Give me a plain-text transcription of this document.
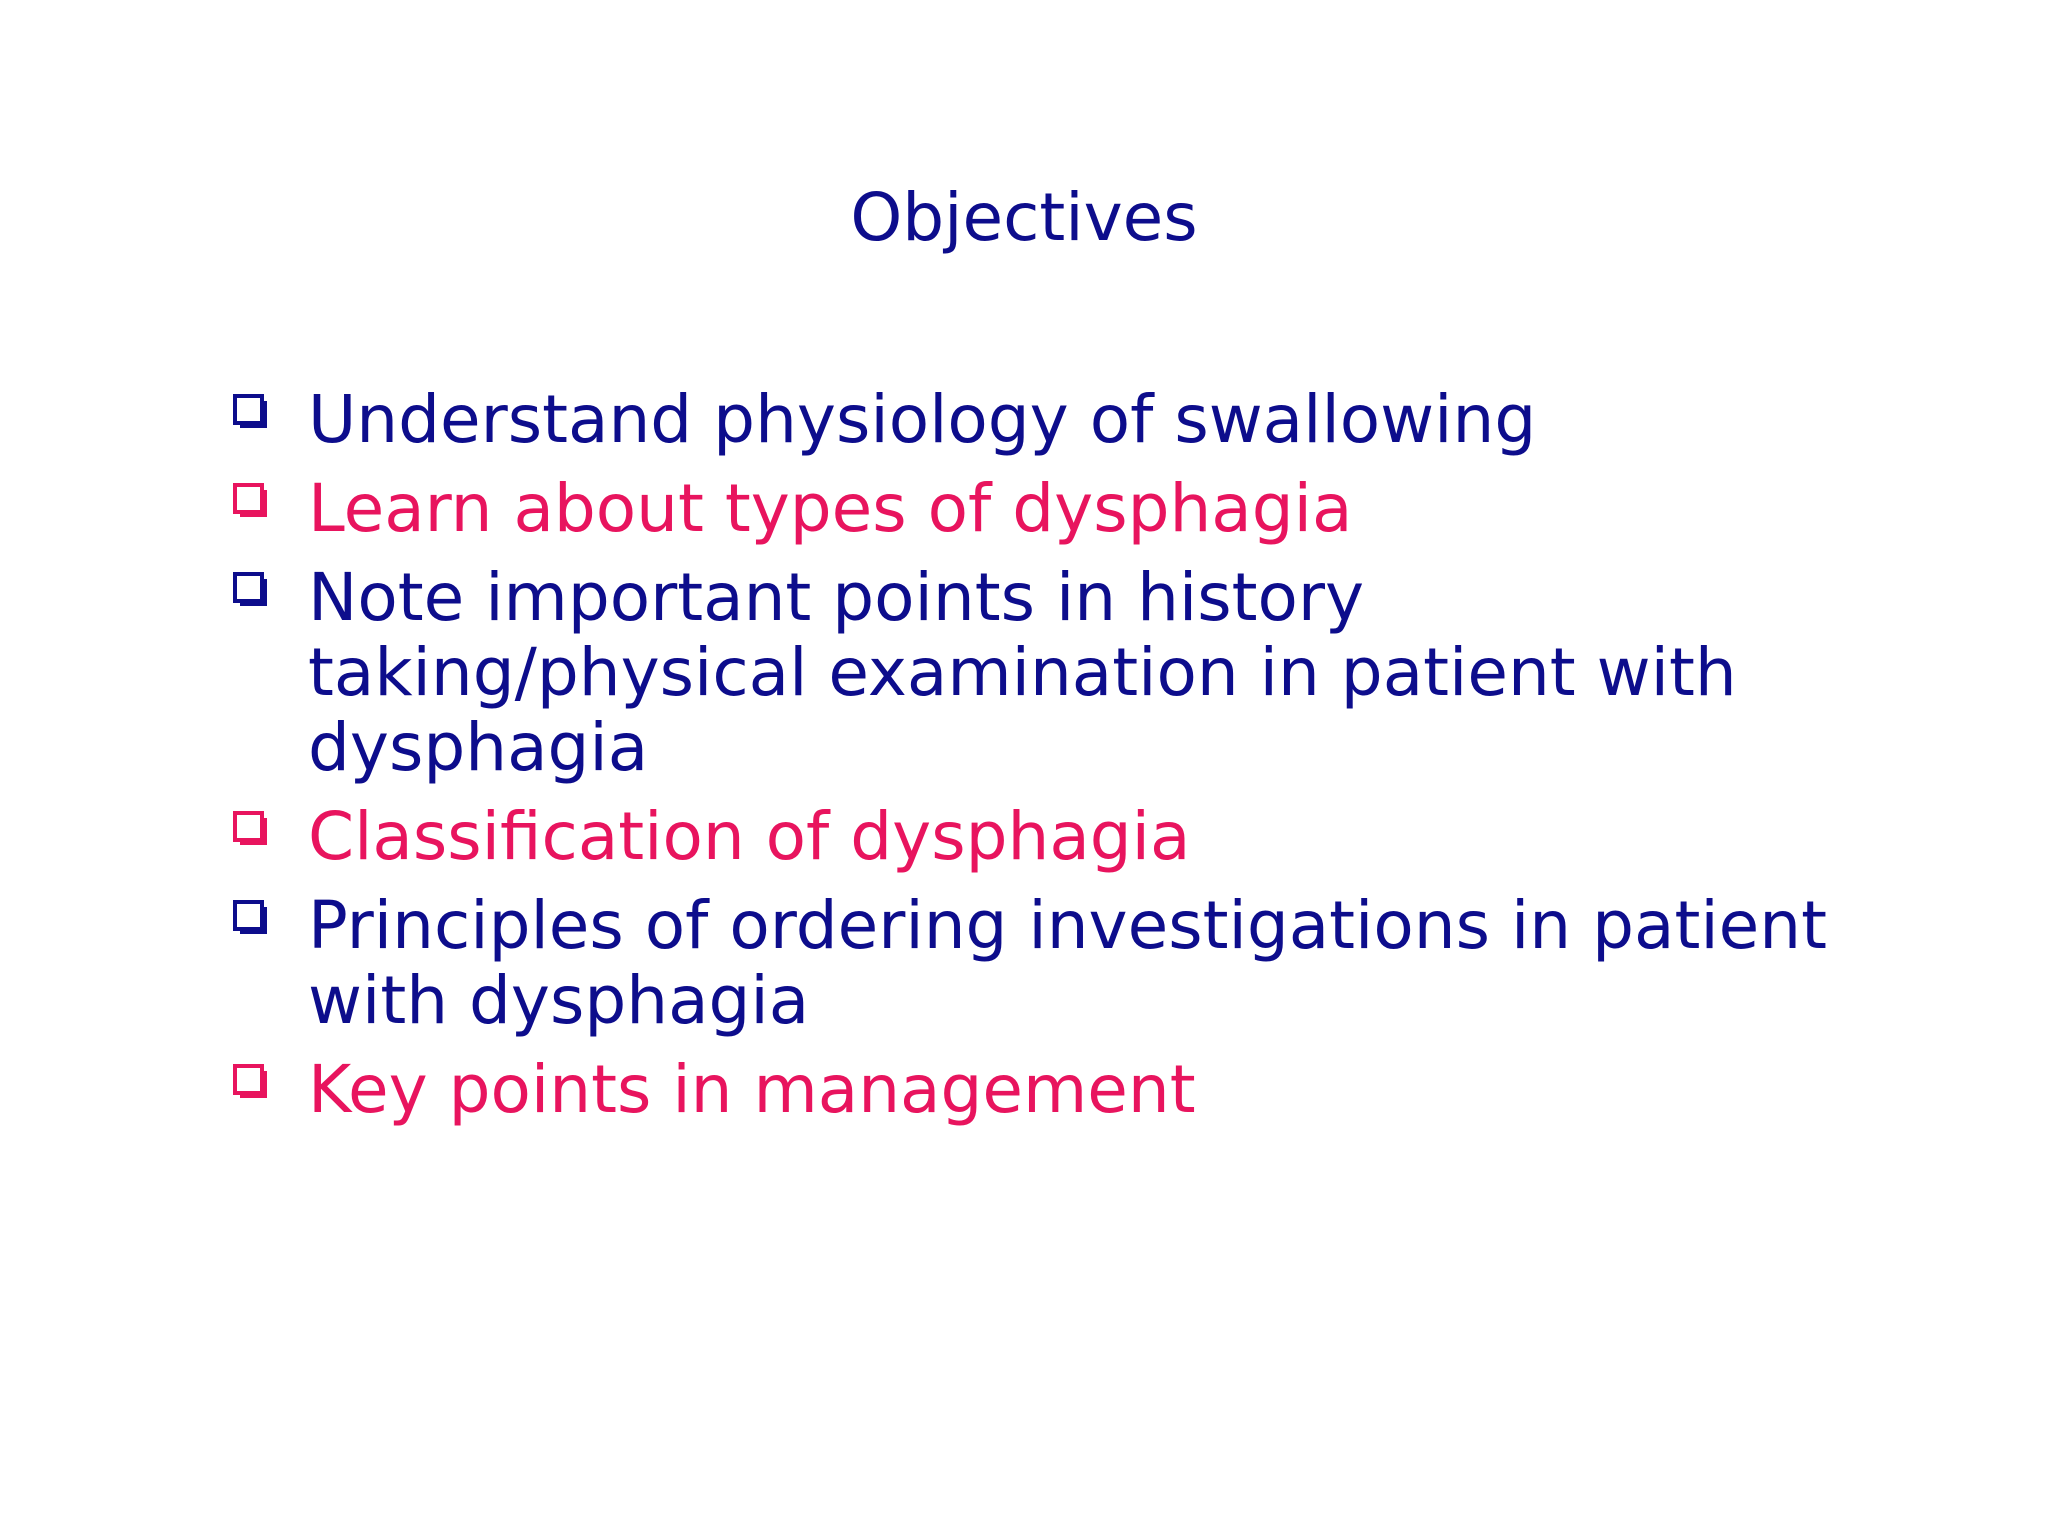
Objectives
Understand physiology of swallowing
Learn about types of dysphagia
Note important points in history taking/physical examination in patient with dysphagia
Classification of dysphagia
Principles of ordering investigations in patient with dysphagia
Key points in management
